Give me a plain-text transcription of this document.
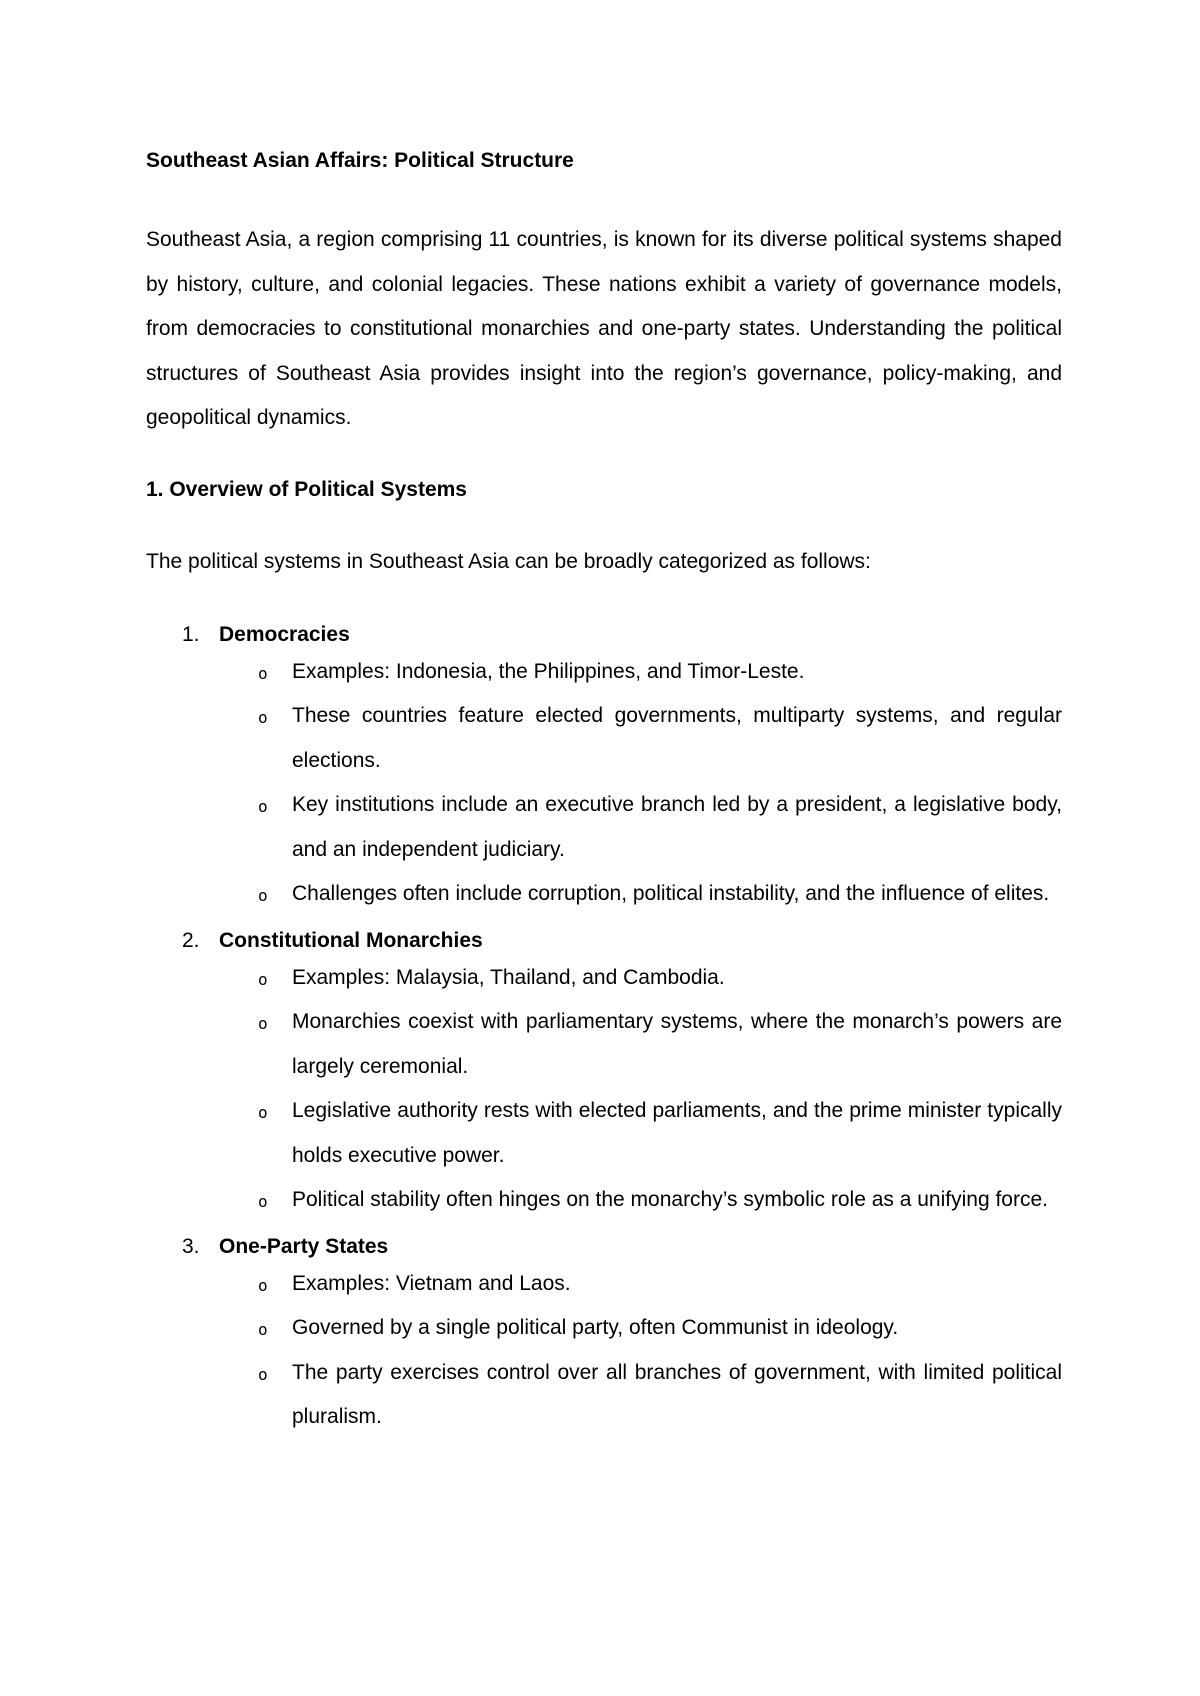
Southeast Asian Affairs: Political Structure

Southeast Asia, a region comprising 11 countries, is known for its diverse political systems shaped by history, culture, and colonial legacies. These nations exhibit a variety of governance models, from democracies to constitutional monarchies and one-party states. Understanding the political structures of Southeast Asia provides insight into the region’s governance, policy-making, and geopolitical dynamics.

1. Overview of Political Systems

The political systems in Southeast Asia can be broadly categorized as follows:

1. Democracies
o Examples: Indonesia, the Philippines, and Timor-Leste.
o These countries feature elected governments, multiparty systems, and regular elections.
o Key institutions include an executive branch led by a president, a legislative body, and an independent judiciary.
o Challenges often include corruption, political instability, and the influence of elites.
2. Constitutional Monarchies
o Examples: Malaysia, Thailand, and Cambodia.
o Monarchies coexist with parliamentary systems, where the monarch’s powers are largely ceremonial.
o Legislative authority rests with elected parliaments, and the prime minister typically holds executive power.
o Political stability often hinges on the monarchy’s symbolic role as a unifying force.
3. One-Party States
o Examples: Vietnam and Laos.
o Governed by a single political party, often Communist in ideology.
o The party exercises control over all branches of government, with limited political pluralism.
